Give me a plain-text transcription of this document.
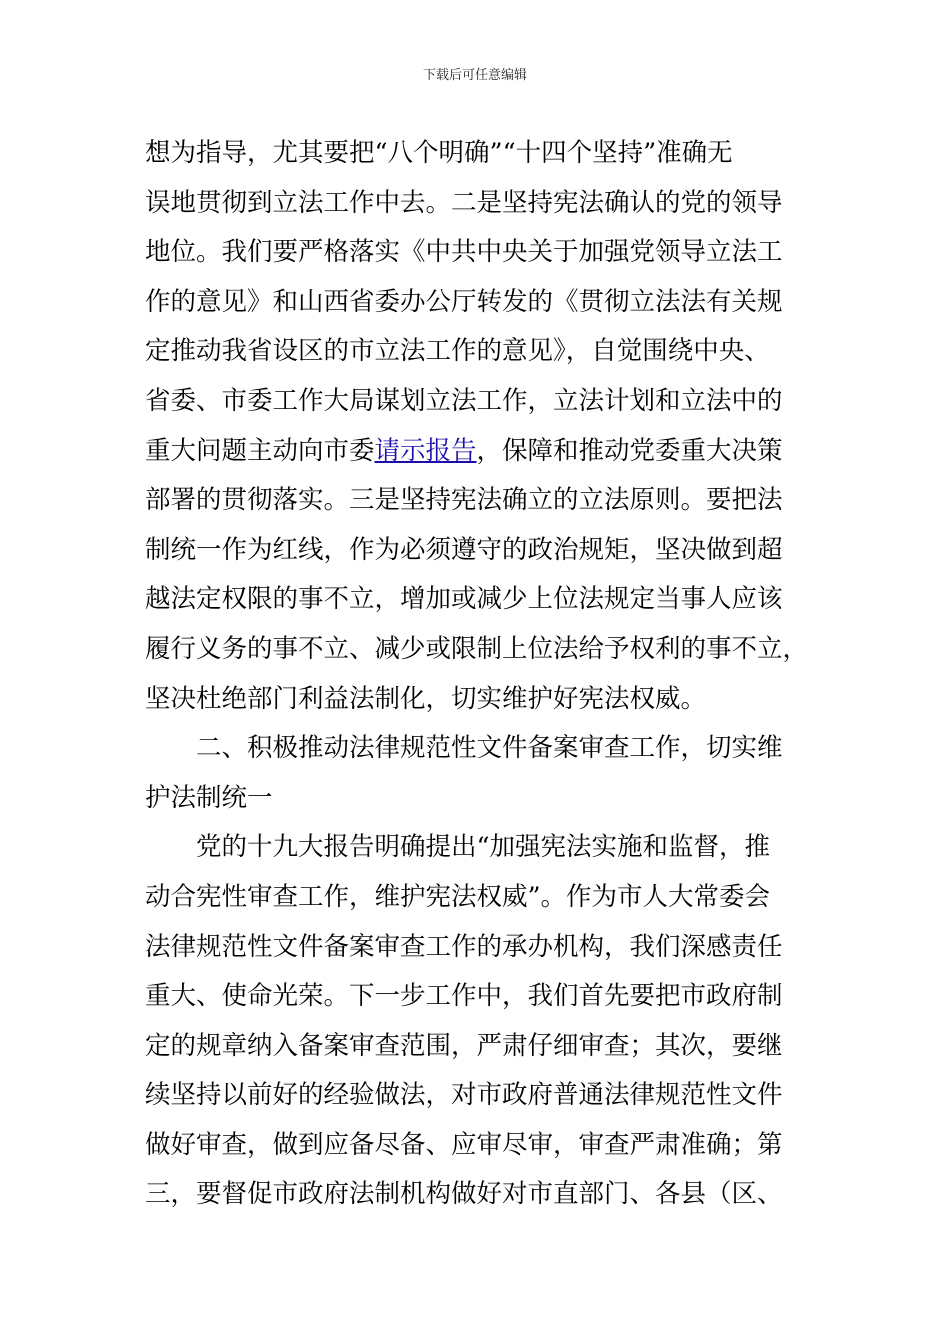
下载后可任意编辑
想为指导，尤其要把“八个明确”“十四个坚持”准确无
误地贯彻到立法工作中去。二是坚持宪法确认的党的领导
地位。我们要严格落实《中共中央关于加强党领导立法工
作的意见》和山西省委办公厅转发的《贯彻立法法有关规
定推动我省设区的市立法工作的意见》，自觉围绕中央、
省委、市委工作大局谋划立法工作，立法计划和立法中的
重大问题主动向市委请示报告，保障和推动党委重大决策
部署的贯彻落实。三是坚持宪法确立的立法原则。要把法
制统一作为红线，作为必须遵守的政治规矩，坚决做到超
越法定权限的事不立，增加或减少上位法规定当事人应该
履行义务的事不立、减少或限制上位法给予权利的事不立，
坚决杜绝部门利益法制化，切实维护好宪法权威。
二、积极推动法律规范性文件备案审查工作，切实维
护法制统一
党的十九大报告明确提出“加强宪法实施和监督，推
动合宪性审查工作，维护宪法权威”。作为市人大常委会
法律规范性文件备案审查工作的承办机构，我们深感责任
重大、使命光荣。下一步工作中，我们首先要把市政府制
定的规章纳入备案审查范围，严肃仔细审查；其次，要继
续坚持以前好的经验做法，对市政府普通法律规范性文件
做好审查，做到应备尽备、应审尽审，审查严肃准确；第
三，要督促市政府法制机构做好对市直部门、各县（区、
